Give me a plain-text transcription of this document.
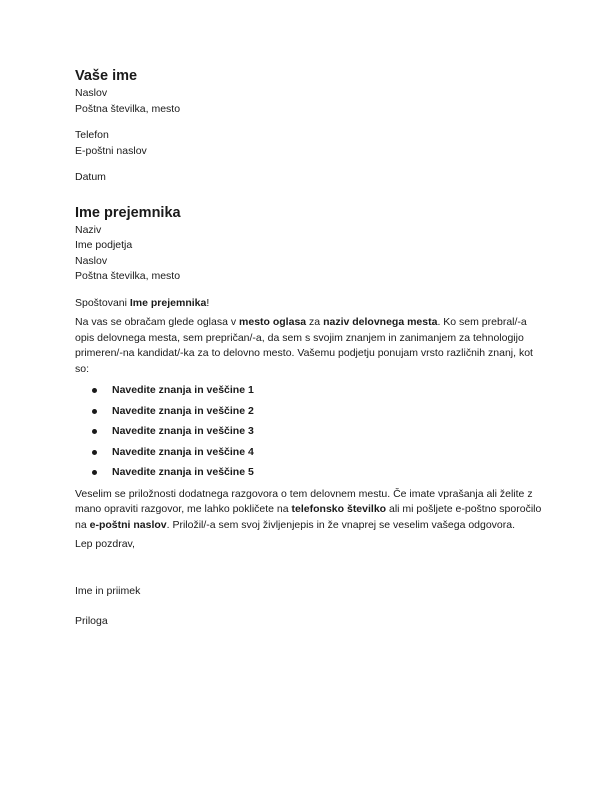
Vaše ime

Naslov

Poštna številka, mesto

Telefon

E-poštni naslov

Datum

Ime prejemnika

Naziv

Ime podjetja

Naslov

Poštna številka, mesto

Spoštovani Ime prejemnika!

Na vas se obračam glede oglasa v mesto oglasa za naziv delovnega mesta. Ko sem prebral/-a opis delovnega mesta, sem prepričan/-a, da sem s svojim znanjem in zanimanjem za tehnologijo primeren/-na kandidat/-ka za to delovno mesto. Vašemu podjetju ponujam vrsto različnih znanj, kot so:

Navedite znanja in veščine 1
Navedite znanja in veščine 2
Navedite znanja in veščine 3
Navedite znanja in veščine 4
Navedite znanja in veščine 5

Veselim se priložnosti dodatnega razgovora o tem delovnem mestu. Če imate vprašanja ali želite z mano opraviti razgovor, me lahko pokličete na telefonsko številko ali mi pošljete e-poštno sporočilo na e-poštni naslov. Priložil/-a sem svoj življenjepis in že vnaprej se veselim vašega odgovora.

Lep pozdrav,

Ime in priimek

Priloga
